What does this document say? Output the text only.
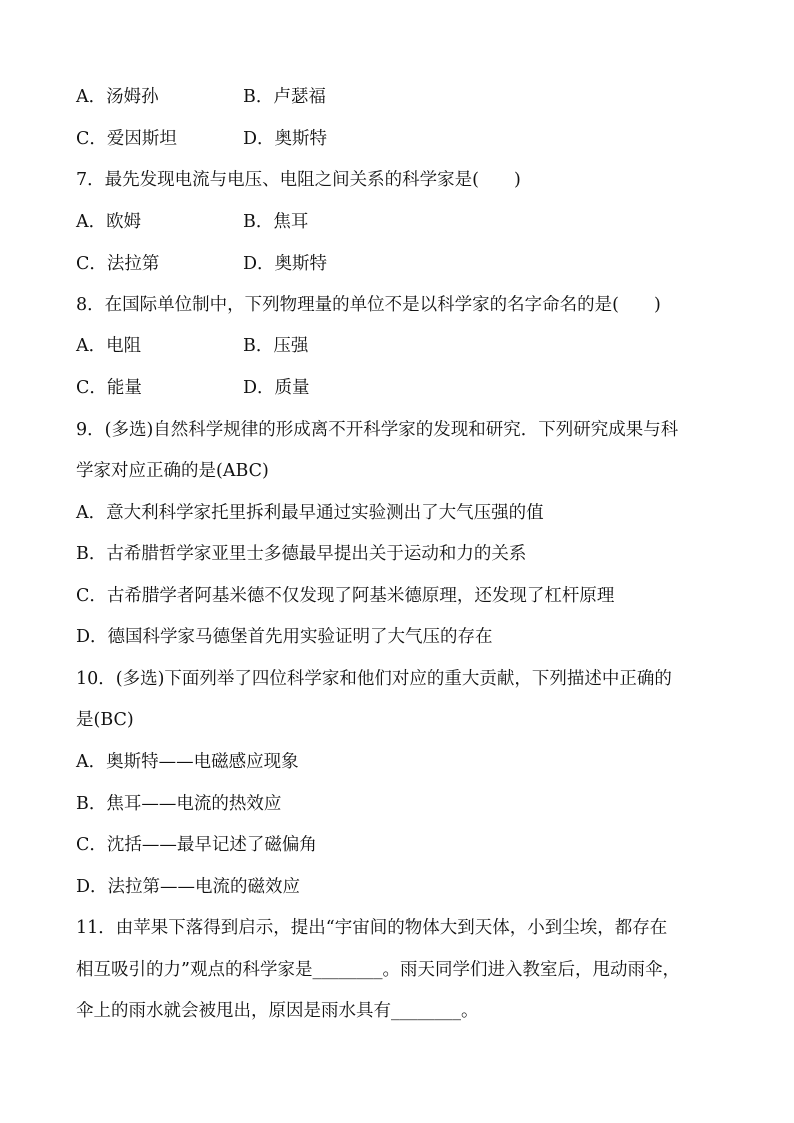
A．汤姆孙	B．卢瑟福
C．爱因斯坦	D．奥斯特
7．最先发现电流与电压、电阻之间关系的科学家是(　　)
A．欧姆	B．焦耳
C．法拉第	D．奥斯特
8．在国际单位制中，下列物理量的单位不是以科学家的名字命名的是(　　)
A．电阻	B．压强
C．能量	D．质量
9．(多选)自然科学规律的形成离不开科学家的发现和研究．下列研究成果与科
学家对应正确的是(ABC)
A．意大利科学家托里拆利最早通过实验测出了大气压强的值
B．古希腊哲学家亚里士多德最早提出关于运动和力的关系
C．古希腊学者阿基米德不仅发现了阿基米德原理，还发现了杠杆原理
D．德国科学家马德堡首先用实验证明了大气压的存在
10．(多选)下面列举了四位科学家和他们对应的重大贡献，下列描述中正确的
是(BC)
A．奥斯特——电磁感应现象
B．焦耳——电流的热效应
C．沈括——最早记述了磁偏角
D．法拉第——电流的磁效应
11．由苹果下落得到启示，提出“宇宙间的物体大到天体，小到尘埃，都存在
相互吸引的力”观点的科学家是________。雨天同学们进入教室后，甩动雨伞，
伞上的雨水就会被甩出，原因是雨水具有________。
